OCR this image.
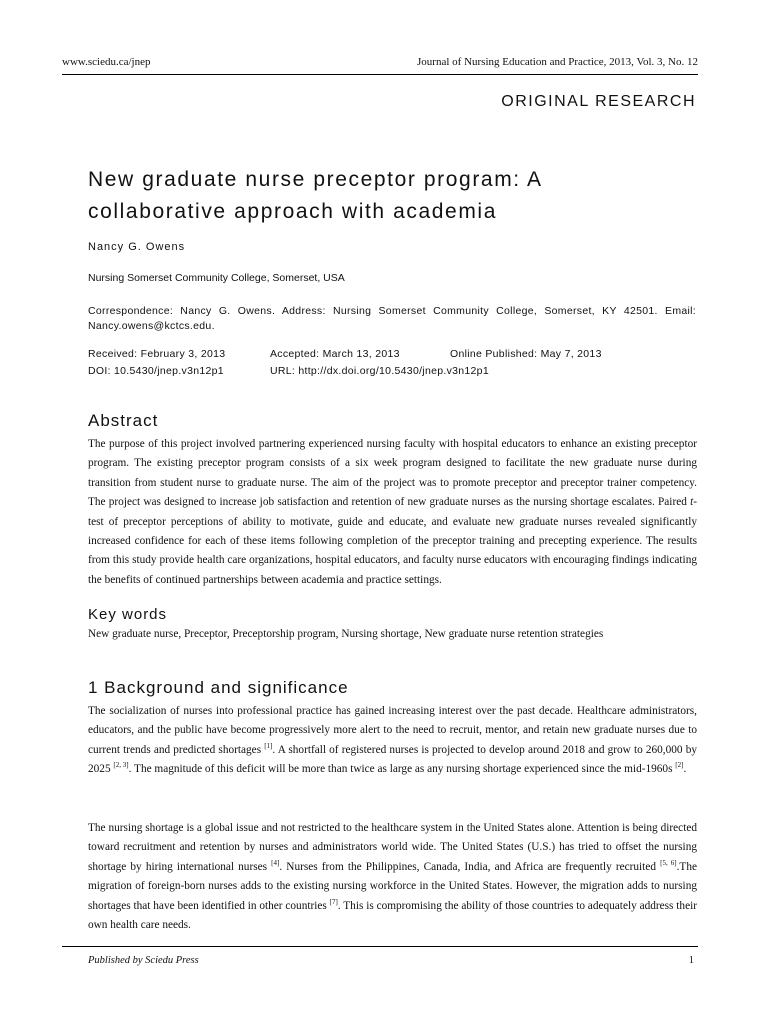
www.sciedu.ca/jnep	Journal of Nursing Education and Practice, 2013, Vol. 3, No. 12
ORIGINAL RESEARCH
New graduate nurse preceptor program: A
collaborative approach with academia
Nancy G. Owens
Nursing Somerset Community College, Somerset, USA
Correspondence: Nancy G. Owens. Address: Nursing Somerset Community College, Somerset, KY 42501. Email: Nancy.owens@kctcs.edu.
Received: February 3, 2013	Accepted: March 13, 2013	Online Published: May 7, 2013
DOI: 10.5430/jnep.v3n12p1	URL: http://dx.doi.org/10.5430/jnep.v3n12p1
Abstract

The purpose of this project involved partnering experienced nursing faculty with hospital educators to enhance an existing preceptor program. The existing preceptor program consists of a six week program designed to facilitate the new graduate nurse during transition from student nurse to graduate nurse. The aim of the project was to promote preceptor and preceptor trainer competency. The project was designed to increase job satisfaction and retention of new graduate nurses as the nursing shortage escalates. Paired t-test of preceptor perceptions of ability to motivate, guide and educate, and evaluate new graduate nurses revealed significantly increased confidence for each of these items following completion of the preceptor training and precepting experience. The results from this study provide health care organizations, hospital educators, and faculty nurse educators with encouraging findings indicating the benefits of continued partnerships between academia and practice settings.

Key words

New graduate nurse, Preceptor, Preceptorship program, Nursing shortage, New graduate nurse retention strategies

1 Background and significance

The socialization of nurses into professional practice has gained increasing interest over the past decade. Healthcare administrators, educators, and the public have become progressively more alert to the need to recruit, mentor, and retain new graduate nurses due to current trends and predicted shortages [1]. A shortfall of registered nurses is projected to develop around 2018 and grow to 260,000 by 2025 [2, 3]. The magnitude of this deficit will be more than twice as large as any nursing shortage experienced since the mid-1960s [2].

The nursing shortage is a global issue and not restricted to the healthcare system in the United States alone. Attention is being directed toward recruitment and retention by nurses and administrators world wide. The United States (U.S.) has tried to offset the nursing shortage by hiring international nurses [4]. Nurses from the Philippines, Canada, India, and Africa are frequently recruited [5, 6].The migration of foreign-born nurses adds to the existing nursing workforce in the United States. However, the migration adds to nursing shortages that have been identified in other countries [7]. This is compromising the ability of those countries to adequately address their own health care needs.

Published by Sciedu Press	1
